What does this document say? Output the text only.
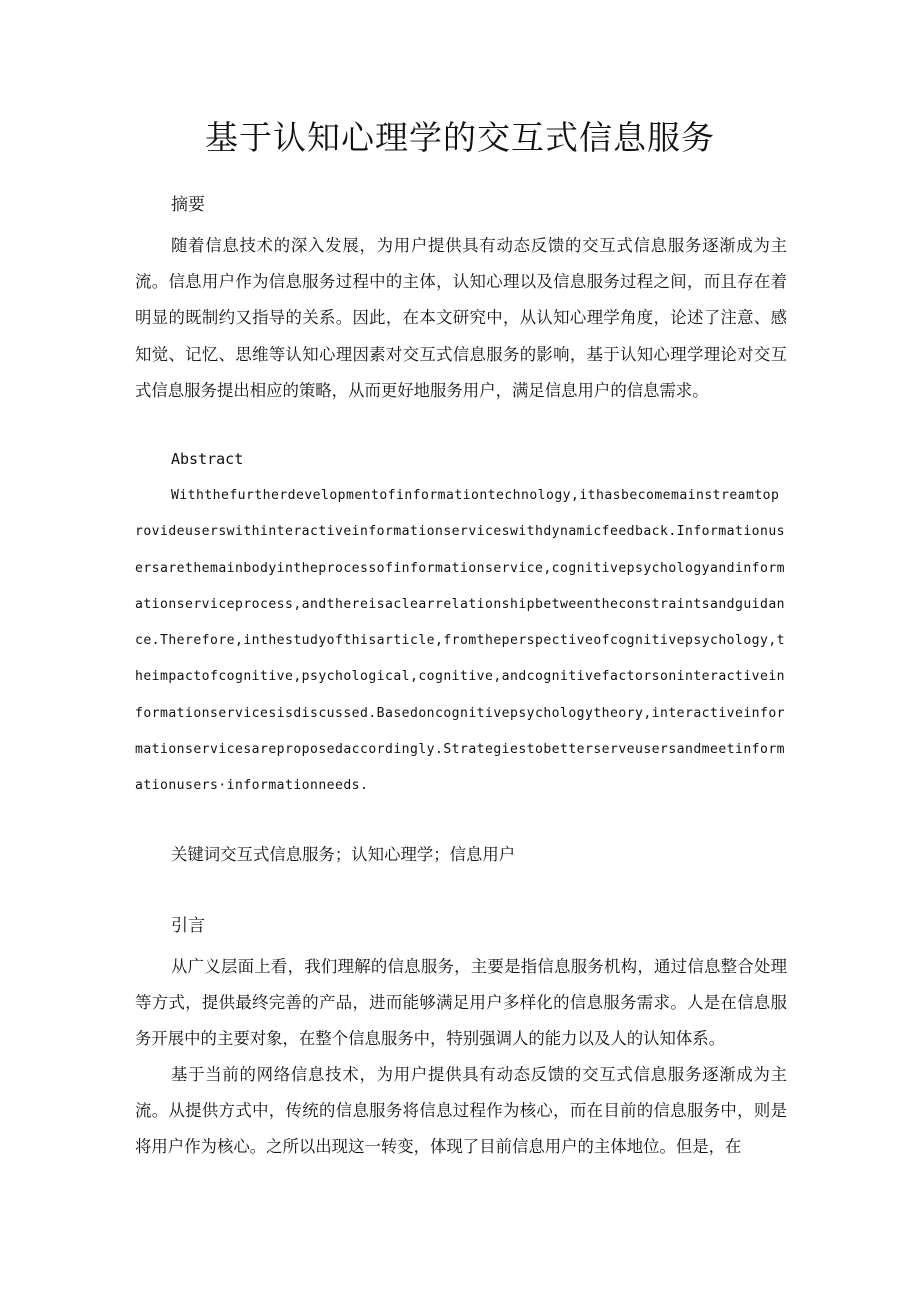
基于认知心理学的交互式信息服务
摘要

随着信息技术的深入发展，为用户提供具有动态反馈的交互式信息服务逐渐成为主流。信息用户作为信息服务过程中的主体，认知心理以及信息服务过程之间，而且存在着明显的既制约又指导的关系。因此，在本文研究中，从认知心理学角度，论述了注意、感知觉、记忆、思维等认知心理因素对交互式信息服务的影响，基于认知心理学理论对交互式信息服务提出相应的策略，从而更好地服务用户，满足信息用户的信息需求。

Abstract

Withthefurtherdevelopmentofinformationtechnology,ithasbecomemainstreamtoprovideuserswithinteractiveinformationserviceswithdynamicfeedback.Informationusersarethemainbodyintheprocessofinformationservice,cognitivepsychologyandinformationserviceprocess,andthereisaclearrelationshipbetweentheconstraintsandguidance.Therefore,inthestudyofthisarticle,fromtheperspectiveofcognitivepsychology,theimpactofcognitive,psychological,cognitive,andcognitivefactorsoninteractiveinformationservicesisdiscussed.Basedoncognitivepsychologytheory,interactiveinformationservicesareproposedaccordingly.Strategiestobetterserveusersandmeetinformationusers·informationneeds.

关键词交互式信息服务；认知心理学；信息用户

引言

从广义层面上看，我们理解的信息服务，主要是指信息服务机构，通过信息整合处理等方式，提供最终完善的产品，进而能够满足用户多样化的信息服务需求。人是在信息服务开展中的主要对象，在整个信息服务中，特别强调人的能力以及人的认知体系。

基于当前的网络信息技术，为用户提供具有动态反馈的交互式信息服务逐渐成为主流。从提供方式中，传统的信息服务将信息过程作为核心，而在目前的信息服务中，则是将用户作为核心。之所以出现这一转变，体现了目前信息用户的主体地位。但是，在
